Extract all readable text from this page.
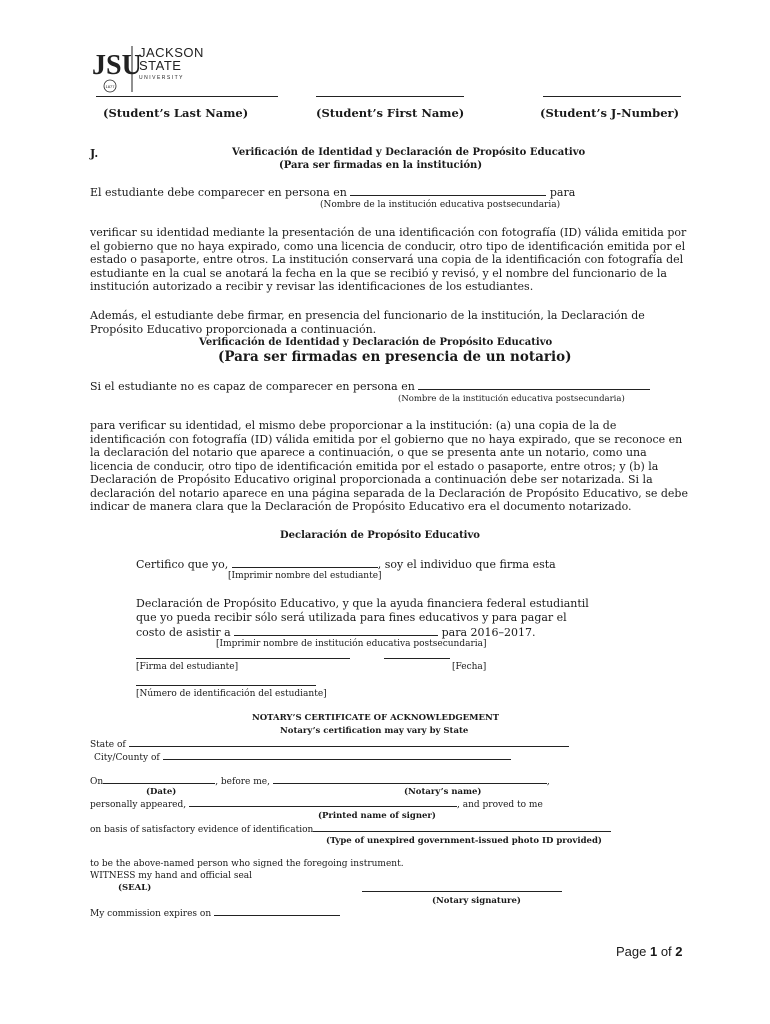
JSU
1877
JACKSON
STATE
UNIVERSITY
(Student’s Last Name)	(Student’s First Name)	(Student’s J-Number)
J.	Verificación de Identidad y Declaración de Propósito Educativo
(Para ser firmadas en la institución)
El estudiante debe comparecer en persona en	para
(Nombre de la institución educativa postsecundaria)
verificar su identidad mediante la presentación de una identificación con fotografía (ID) válida emitida por el gobierno que no haya expirado, como una licencia de conducir, otro tipo de identificación emitida por el estado o pasaporte, entre otros. La institución conservará una copia de la identificación con fotografía del estudiante en la cual se anotará la fecha en la que se recibió y revisó, y el nombre del funcionario de la institución autorizado a recibir y revisar las identificaciones de los estudiantes.
Además, el estudiante debe firmar, en presencia del funcionario de la institución, la Declaración de Propósito Educativo proporcionada a continuación.
Verificación de Identidad y Declaración de Propósito Educativo
(Para ser firmadas en presencia de un notario)
Si el estudiante no es capaz de comparecer en persona en
(Nombre de la institución educativa postsecundaria)
para verificar su identidad, el mismo debe proporcionar a la institución: (a) una copia de la de identificación con fotografía (ID) válida emitida por el gobierno que no haya expirado, que se reconoce en la declaración del notario que aparece a continuación, o que se presenta ante un notario, como una licencia de conducir, otro tipo de identificación emitida por el estado o pasaporte, entre otros; y (b) la Declaración de Propósito Educativo original proporcionada a continuación debe ser notarizada. Si la declaración del notario aparece en una página separada de la Declaración de Propósito Educativo, se debe indicar de manera clara que la Declaración de Propósito Educativo era el documento notarizado.
Declaración de Propósito Educativo
Certifico que yo,	, soy el individuo que firma esta
[Imprimir nombre del estudiante]
Declaración de Propósito Educativo, y que la ayuda financiera federal estudiantil
que yo pueda recibir sólo será utilizada para fines educativos y para pagar el
costo de asistir a	para 2016–2017.
[Imprimir nombre de institución educativa postsecundaria]
[Firma del estudiante]	[Fecha]
[Número de identificación del estudiante]
NOTARY’S CERTIFICATE OF ACKNOWLEDGEMENT
Notary’s certification may vary by State
State of
City/County of
On	, before me,	,
(Date)	(Notary’s name)
personally appeared,	, and proved to me
(Printed name of signer)
on basis of satisfactory evidence of identification
(Type of unexpired government-issued photo ID provided)
to be the above-named person who signed the foregoing instrument.
WITNESS my hand and official seal
(SEAL)
(Notary signature)
My commission expires on
Page 1 of 2
